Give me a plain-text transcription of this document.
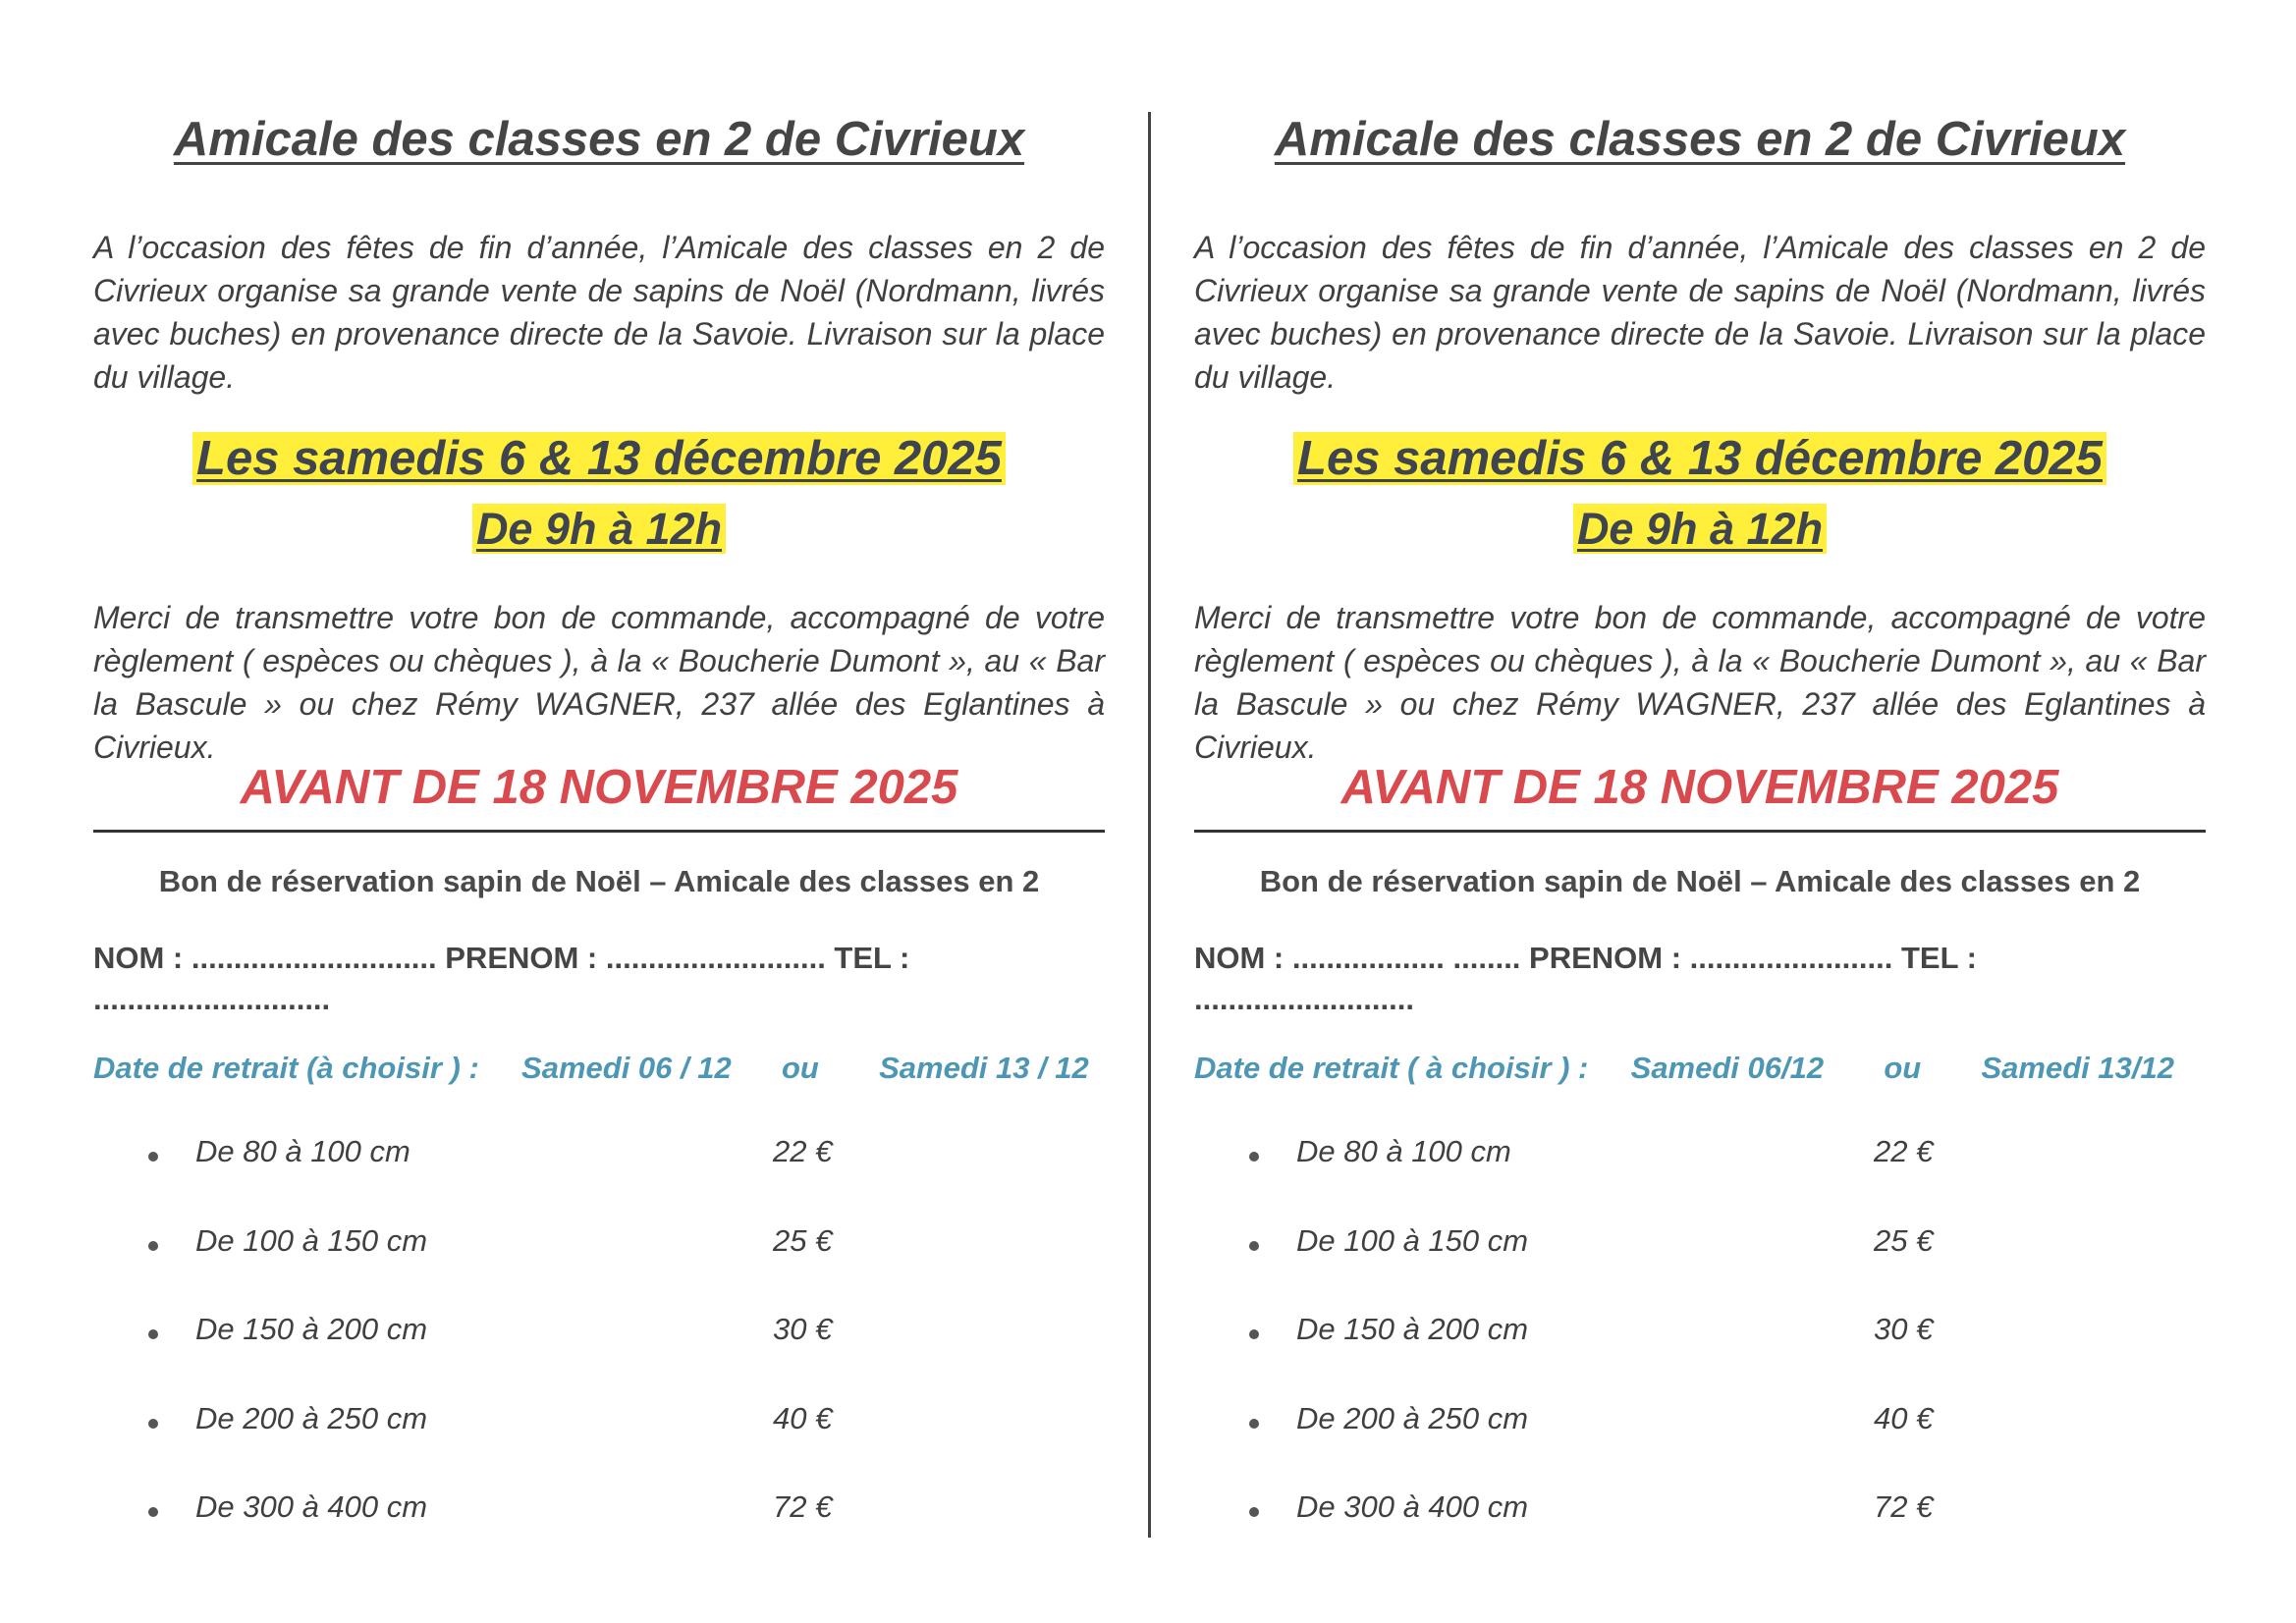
Amicale des classes en 2 de Civrieux
A l’occasion des fêtes de fin d’année, l’Amicale des classes en 2 de Civrieux organise sa grande vente de sapins de Noël (Nordmann, livrés avec buches) en provenance directe de la Savoie. Livraison sur la place du village.
Les samedis 6 & 13 décembre 2025
De 9h à 12h
Merci de transmettre votre bon de commande, accompagné de votre règlement ( espèces ou chèques ), à la « Boucherie Dumont », au « Bar la Bascule » ou chez Rémy WAGNER, 237 allée des Eglantines à Civrieux.
AVANT DE 18 NOVEMBRE 2025
Bon de réservation sapin de Noël – Amicale des classes en 2
NOM : ............................. PRENOM : .......................... TEL :
............................
Date de retrait (à choisir ) : Samedi 06 / 12 ou Samedi 13 / 12
De 80 à 100 cm	22 €
De 100 à 150 cm	25 €
De 150 à 200 cm	30 €
De 200 à 250 cm	40 €
De 300 à 400 cm	72 €
Amicale des classes en 2 de Civrieux
A l’occasion des fêtes de fin d’année, l’Amicale des classes en 2 de Civrieux organise sa grande vente de sapins de Noël (Nordmann, livrés avec buches) en provenance directe de la Savoie. Livraison sur la place du village.
Les samedis 6 & 13 décembre 2025
De 9h à 12h
Merci de transmettre votre bon de commande, accompagné de votre règlement ( espèces ou chèques ), à la « Boucherie Dumont », au « Bar la Bascule » ou chez Rémy WAGNER, 237 allée des Eglantines à Civrieux.
AVANT DE 18 NOVEMBRE 2025
Bon de réservation sapin de Noël – Amicale des classes en 2
NOM : .................. ........ PRENOM : ........................ TEL :
..........................
Date de retrait ( à choisir ) : Samedi 06/12 ou Samedi 13/12
De 80 à 100 cm	22 €
De 100 à 150 cm	25 €
De 150 à 200 cm	30 €
De 200 à 250 cm	40 €
De 300 à 400 cm	72 €
